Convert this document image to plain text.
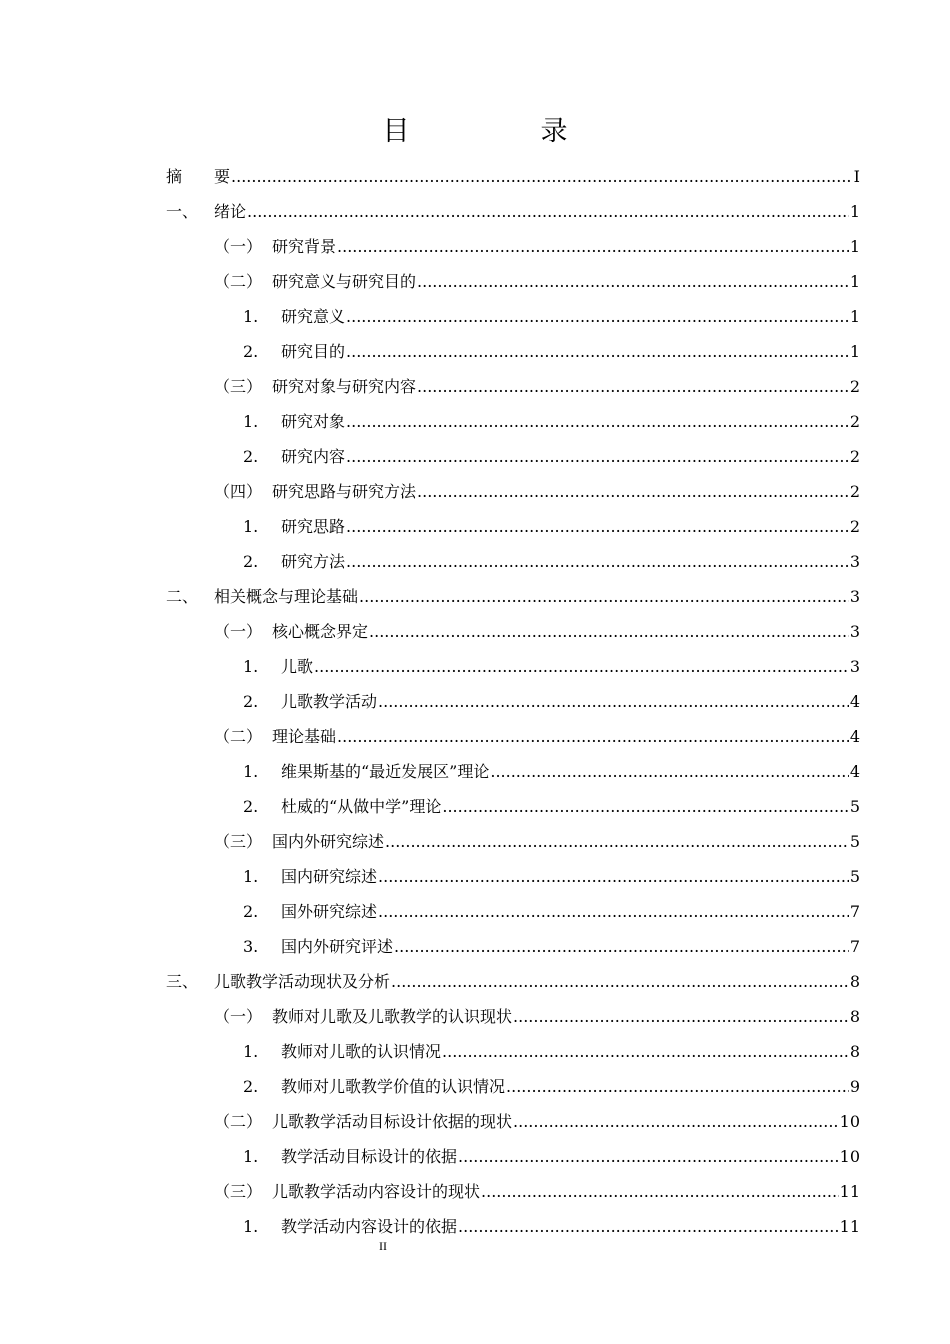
目　录
摘	要 .....	I
一、 绪论 .....	1
（一） 研究背景 .....	1
（二） 研究意义与研究目的 .....	1
1.	研究意义 .....	1
2.	研究目的 .....	1
（三） 研究对象与研究内容 .....	2
1.	研究对象 .....	2
2.	研究内容 .....	2
（四） 研究思路与研究方法 .....	2
1.	研究思路 .....	2
2.	研究方法 .....	3
二、 相关概念与理论基础 .....	3
（一） 核心概念界定 .....	3
1.	儿歌 .....	3
2.	儿歌教学活动 .....	4
（二） 理论基础 .....	4
1.	维果斯基的“最近发展区”理论 .....	4
2.	杜威的“从做中学”理论 .....	5
（三） 国内外研究综述 .....	5
1.	国内研究综述 .....	5
2.	国外研究综述 .....	7
3.	国内外研究评述 .....	7
三、 儿歌教学活动现状及分析 .....	8
（一） 教师对儿歌及儿歌教学的认识现状 .....	8
1.	教师对儿歌的认识情况 .....	8
2.	教师对儿歌教学价值的认识情况 .....	9
（二） 儿歌教学活动目标设计依据的现状 .....	10
1.	教学活动目标设计的依据 .....	10
（三） 儿歌教学活动内容设计的现状 .....	11
1.	教学活动内容设计的依据 .....	11
II
